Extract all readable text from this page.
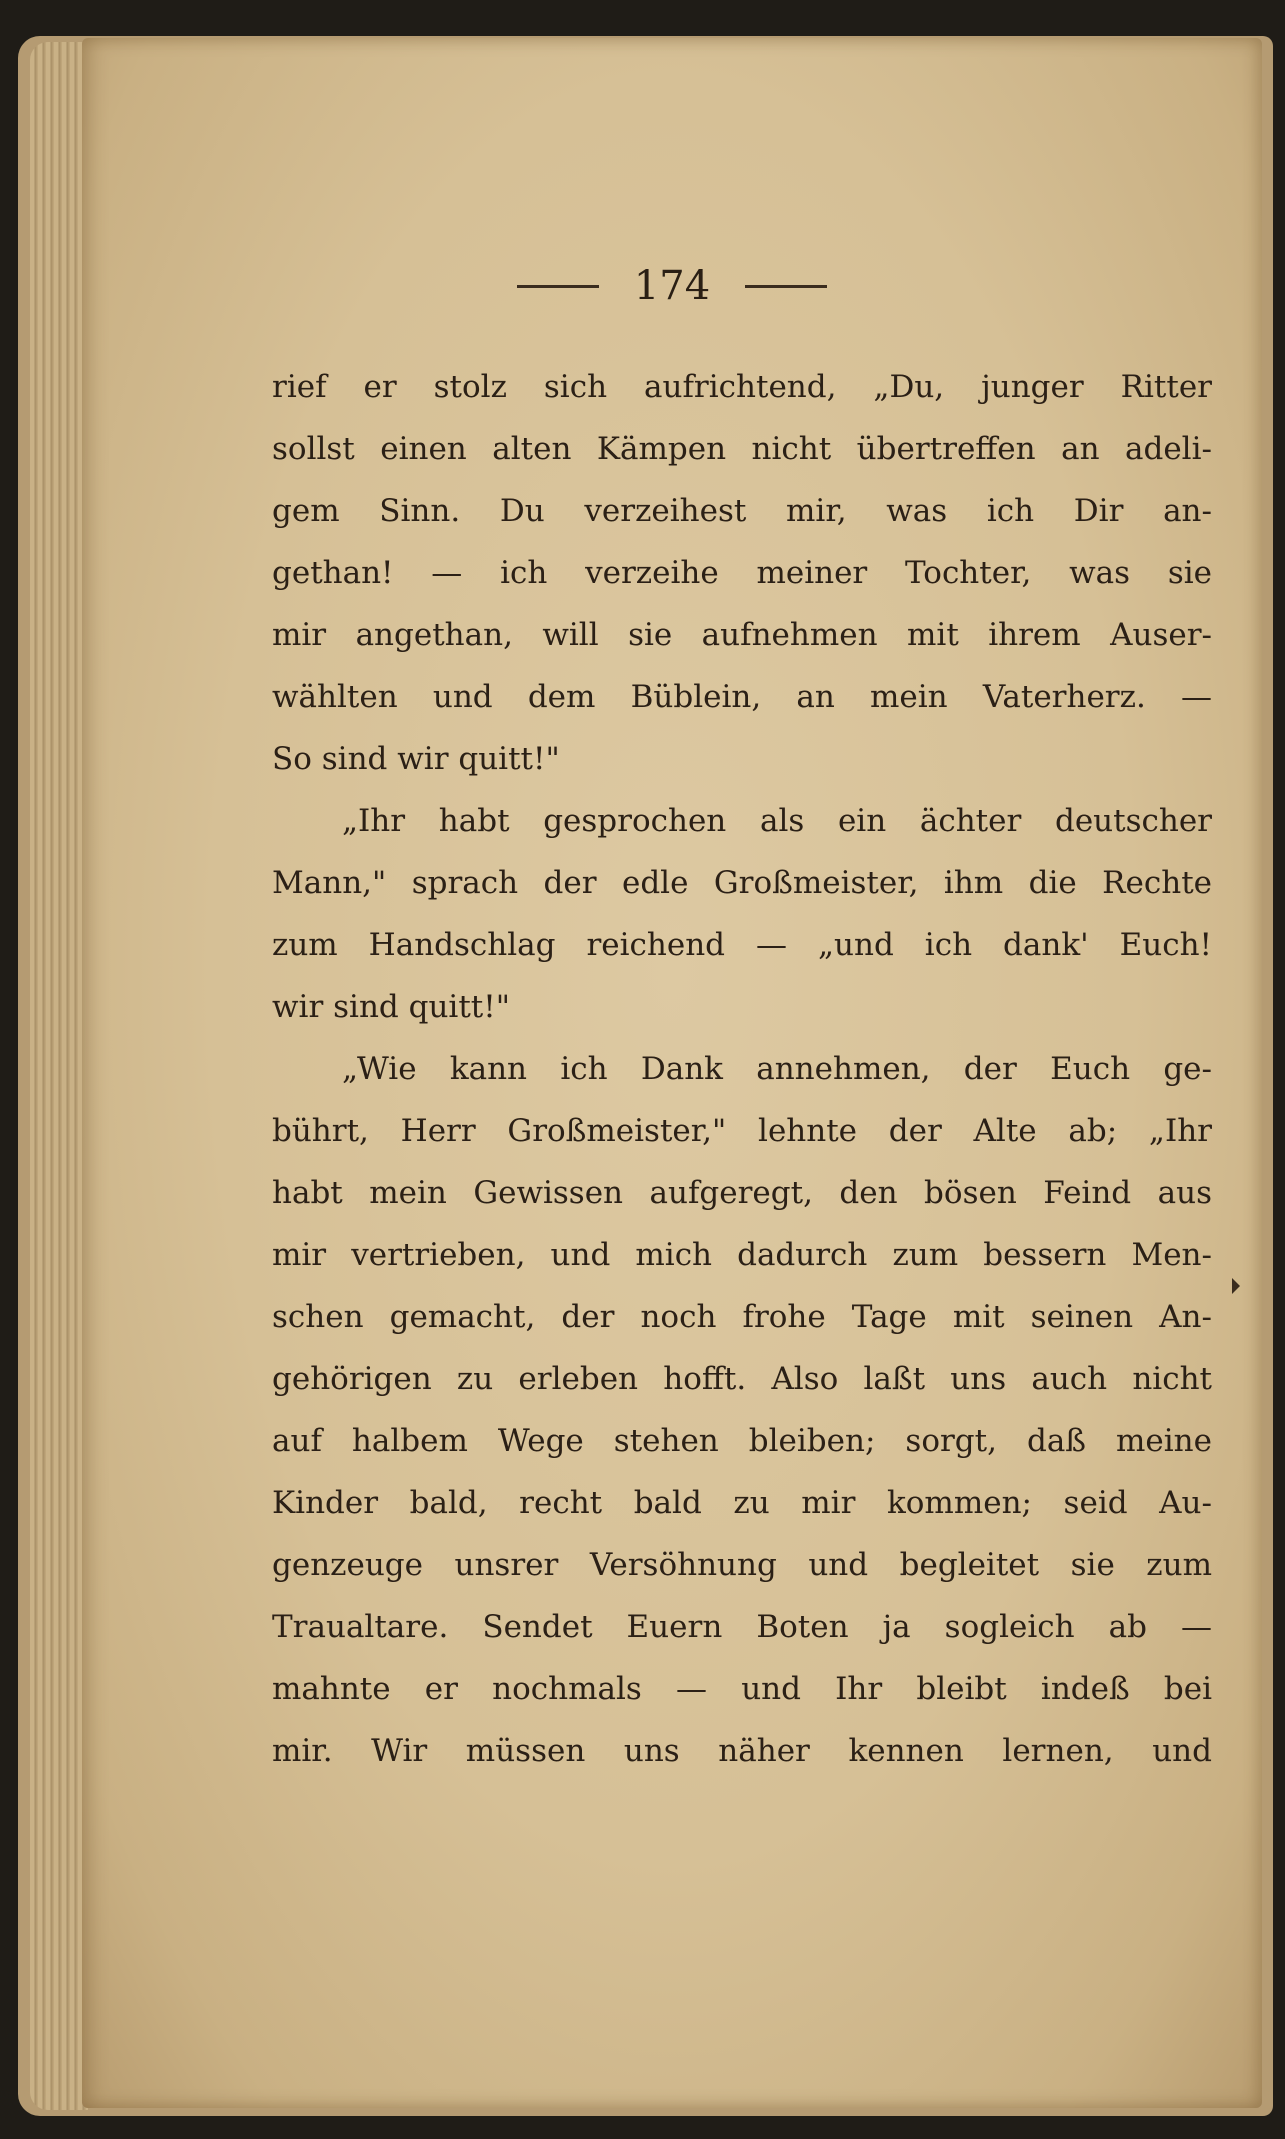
174
rief er stolz sich aufrichtend, „Du, junger Ritter
sollst einen alten Kämpen nicht übertreffen an adeli-
gem Sinn. Du verzeihest mir, was ich Dir an-
gethan! — ich verzeihe meiner Tochter, was sie
mir angethan, will sie aufnehmen mit ihrem Auser-
wählten und dem Büblein, an mein Vaterherz. —
So sind wir quitt!"
„Ihr habt gesprochen als ein ächter deutscher
Mann," sprach der edle Großmeister, ihm die Rechte
zum Handschlag reichend — „und ich dank' Euch!
wir sind quitt!"
„Wie kann ich Dank annehmen, der Euch ge-
bührt, Herr Großmeister," lehnte der Alte ab; „Ihr
habt mein Gewissen aufgeregt, den bösen Feind aus
mir vertrieben, und mich dadurch zum bessern Men-
schen gemacht, der noch frohe Tage mit seinen An-
gehörigen zu erleben hofft. Also laßt uns auch nicht
auf halbem Wege stehen bleiben; sorgt, daß meine
Kinder bald, recht bald zu mir kommen; seid Au-
genzeuge unsrer Versöhnung und begleitet sie zum
Traualtare. Sendet Euern Boten ja sogleich ab —
mahnte er nochmals — und Ihr bleibt indeß bei
mir. Wir müssen uns näher kennen lernen, und
